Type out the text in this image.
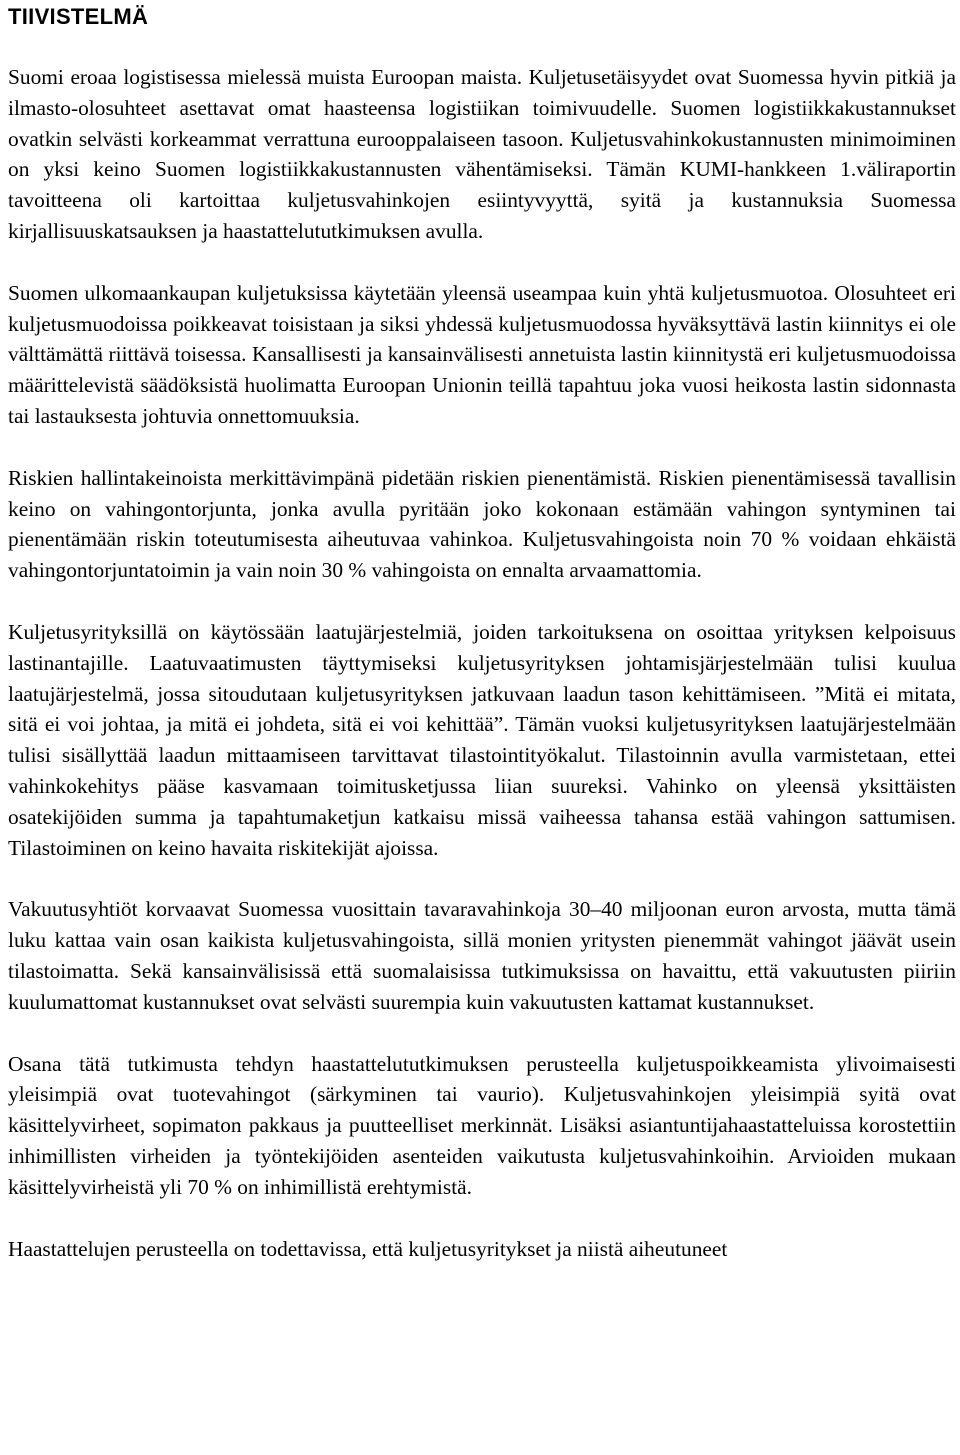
TIIVISTELMÄ

Suomi eroaa logistisessa mielessä muista Euroopan maista. Kuljetusetäisyydet ovat Suomessa hyvin pitkiä ja ilmasto-olosuhteet asettavat omat haasteensa logistiikan toimivuudelle. Suomen logistiikkakustannukset ovatkin selvästi korkeammat verrattuna eurooppalaiseen tasoon. Kuljetusvahinkokustannusten minimoiminen on yksi keino Suomen logistiikkakustannusten vähentämiseksi. Tämän KUMI-hankkeen 1.väliraportin tavoitteena oli kartoittaa kuljetusvahinkojen esiintyvyyttä, syitä ja kustannuksia Suomessa kirjallisuuskatsauksen ja haastattelututkimuksen avulla.

Suomen ulkomaankaupan kuljetuksissa käytetään yleensä useampaa kuin yhtä kuljetusmuotoa. Olosuhteet eri kuljetusmuodoissa poikkeavat toisistaan ja siksi yhdessä kuljetusmuodossa hyväksyttävä lastin kiinnitys ei ole välttämättä riittävä toisessa. Kansallisesti ja kansainvälisesti annetuista lastin kiinnitystä eri kuljetusmuodoissa määrittelevistä säädöksistä huolimatta Euroopan Unionin teillä tapahtuu joka vuosi heikosta lastin sidonnasta tai lastauksesta johtuvia onnettomuuksia.

Riskien hallintakeinoista merkittävimpänä pidetään riskien pienentämistä. Riskien pienentämisessä tavallisin keino on vahingontorjunta, jonka avulla pyritään joko kokonaan estämään vahingon syntyminen tai pienentämään riskin toteutumisesta aiheutuvaa vahinkoa. Kuljetusvahingoista noin 70 % voidaan ehkäistä vahingontorjuntatoimin ja vain noin 30 % vahingoista on ennalta arvaamattomia.

Kuljetusyrityksillä on käytössään laatujärjestelmiä, joiden tarkoituksena on osoittaa yrityksen kelpoisuus lastinantajille. Laatuvaatimusten täyttymiseksi kuljetusyrityksen johtamisjärjestelmään tulisi kuulua laatujärjestelmä, jossa sitoudutaan kuljetusyrityksen jatkuvaan laadun tason kehittämiseen. ”Mitä ei mitata, sitä ei voi johtaa, ja mitä ei johdeta, sitä ei voi kehittää”. Tämän vuoksi kuljetusyrityksen laatujärjestelmään tulisi sisällyttää laadun mittaamiseen tarvittavat tilastointityökalut. Tilastoinnin avulla varmistetaan, ettei vahinkokehitys pääse kasvamaan toimitusketjussa liian suureksi. Vahinko on yleensä yksittäisten osatekijöiden summa ja tapahtumaketjun katkaisu missä vaiheessa tahansa estää vahingon sattumisen. Tilastoiminen on keino havaita riskitekijät ajoissa.

Vakuutusyhtiöt korvaavat Suomessa vuosittain tavaravahinkoja 30–40 miljoonan euron arvosta, mutta tämä luku kattaa vain osan kaikista kuljetusvahingoista, sillä monien yritysten pienemmät vahingot jäävät usein tilastoimatta. Sekä kansainvälisissä että suomalaisissa tutkimuksissa on havaittu, että vakuutusten piiriin kuulumattomat kustannukset ovat selvästi suurempia kuin vakuutusten kattamat kustannukset.

Osana tätä tutkimusta tehdyn haastattelututkimuksen perusteella kuljetuspoikkeamista ylivoimaisesti yleisimpiä ovat tuotevahingot (särkyminen tai vaurio). Kuljetusvahinkojen yleisimpiä syitä ovat käsittelyvirheet, sopimaton pakkaus ja puutteelliset merkinnät. Lisäksi asiantuntijahaastatteluissa korostettiin inhimillisten virheiden ja työntekijöiden asenteiden vaikutusta kuljetusvahinkoihin. Arvioiden mukaan käsittelyvirheistä yli 70 % on inhimillistä erehtymistä.

Haastattelujen perusteella on todettavissa, että kuljetusyritykset ja niistä aiheutuneet
